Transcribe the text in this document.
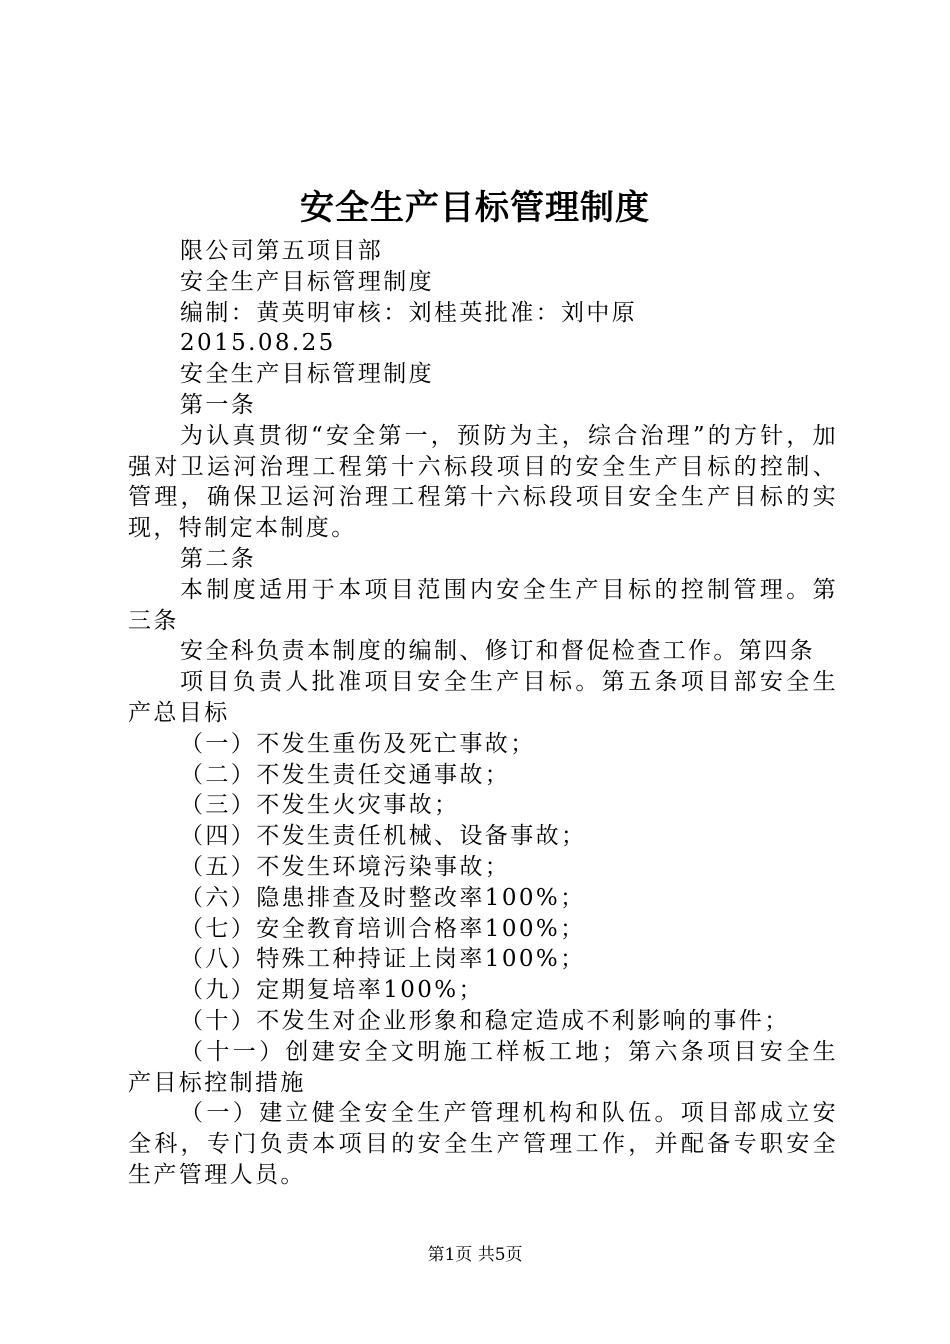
安全生产目标管理制度

限公司第五项目部

安全生产目标管理制度

编制：黄英明审核：刘桂英批准：刘中原

2015.08.25

安全生产目标管理制度

第一条

为认真贯彻“安全第一，预防为主，综合治理”的方针，加强对卫运河治理工程第十六标段项目的安全生产目标的控制、管理，确保卫运河治理工程第十六标段项目安全生产目标的实现，特制定本制度。

第二条

本制度适用于本项目范围内安全生产目标的控制管理。第三条

安全科负责本制度的编制、修订和督促检查工作。第四条

项目负责人批准项目安全生产目标。第五条项目部安全生产总目标

（一）不发生重伤及死亡事故；

（二）不发生责任交通事故；

（三）不发生火灾事故；

（四）不发生责任机械、设备事故；

（五）不发生环境污染事故；

（六）隐患排查及时整改率100%；

（七）安全教育培训合格率100%；

（八）特殊工种持证上岗率100%；

（九）定期复培率100%；

（十）不发生对企业形象和稳定造成不利影响的事件；

（十一）创建安全文明施工样板工地；第六条项目安全生产目标控制措施

（一）建立健全安全生产管理机构和队伍。项目部成立安全科，专门负责本项目的安全生产管理工作，并配备专职安全生产管理人员。

第1页 共5页
